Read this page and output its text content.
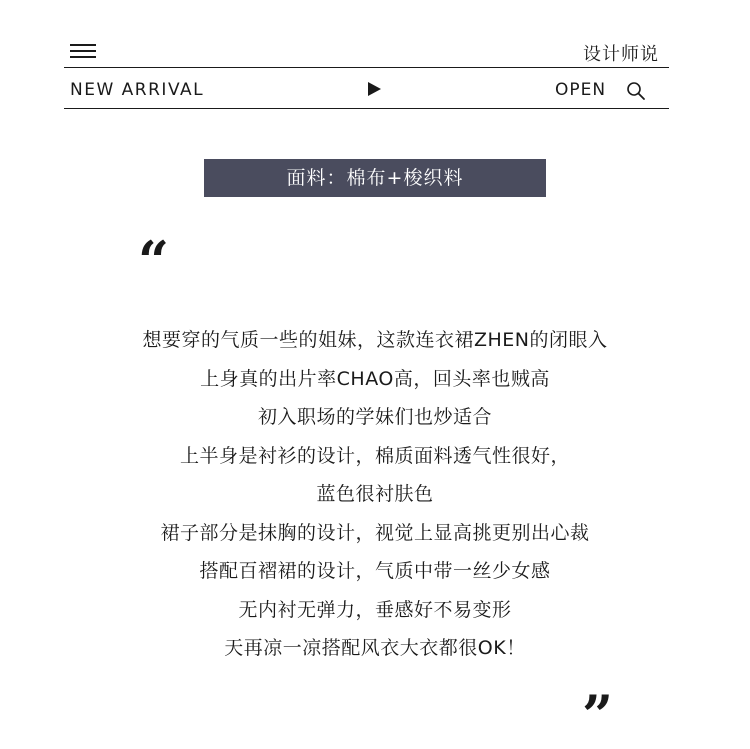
设计师说
NEW ARRIVAL	OPEN
面料：棉布+梭织料
“
想要穿的气质一些的姐妹，这款连衣裙ZHEN的闭眼入
上身真的出片率CHAO高，回头率也贼高
初入职场的学妹们也炒适合
上半身是衬衫的设计，棉质面料透气性很好，
蓝色很衬肤色
裙子部分是抹胸的设计，视觉上显高挑更别出心裁
搭配百褶裙的设计，气质中带一丝少女感
无内衬无弹力，垂感好不易变形
天再凉一凉搭配风衣大衣都很OK！
”
